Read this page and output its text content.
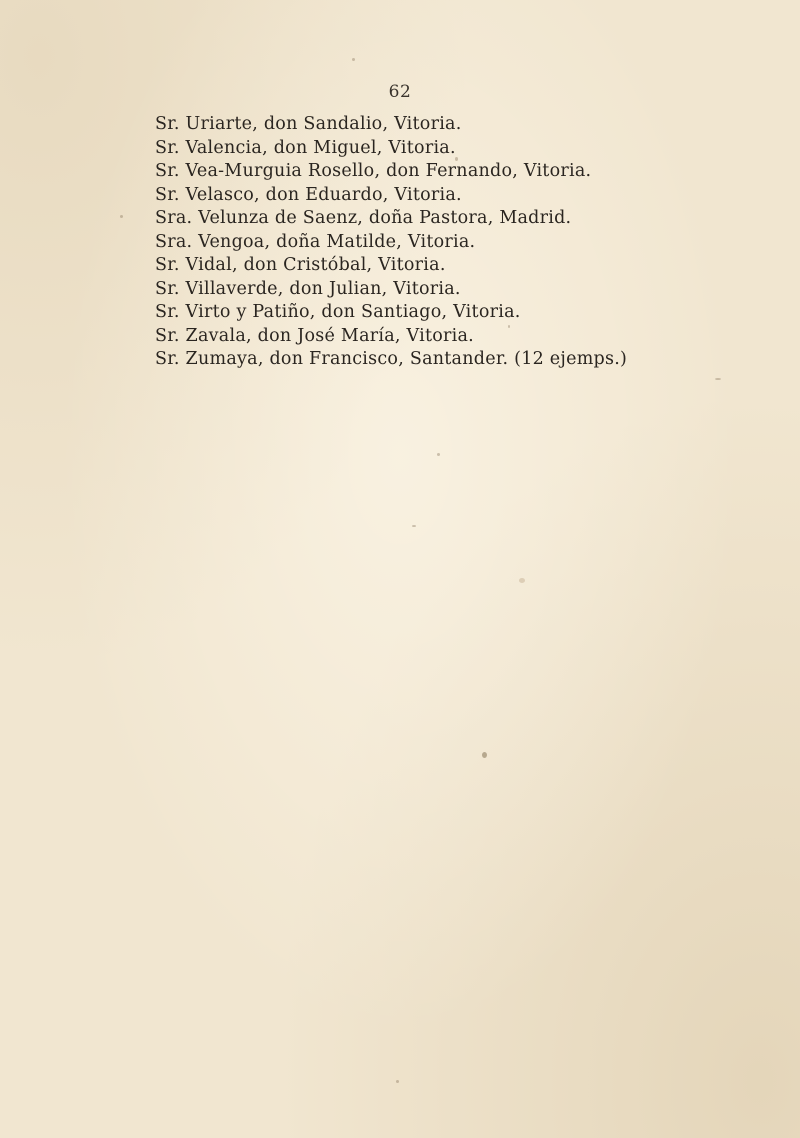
62
Sr. Uriarte, don Sandalio, Vitoria.
Sr. Valencia, don Miguel, Vitoria.
Sr. Vea-Murguia Rosello, don Fernando, Vitoria.
Sr. Velasco, don Eduardo, Vitoria.
Sra. Velunza de Saenz, doña Pastora, Madrid.
Sra. Vengoa, doña Matilde, Vitoria.
Sr. Vidal, don Cristóbal, Vitoria.
Sr. Villaverde, don Julian, Vitoria.
Sr. Virto y Patiño, don Santiago, Vitoria.
Sr. Zavala, don José María, Vitoria.
Sr. Zumaya, don Francisco, Santander. (12 ejemps.)
